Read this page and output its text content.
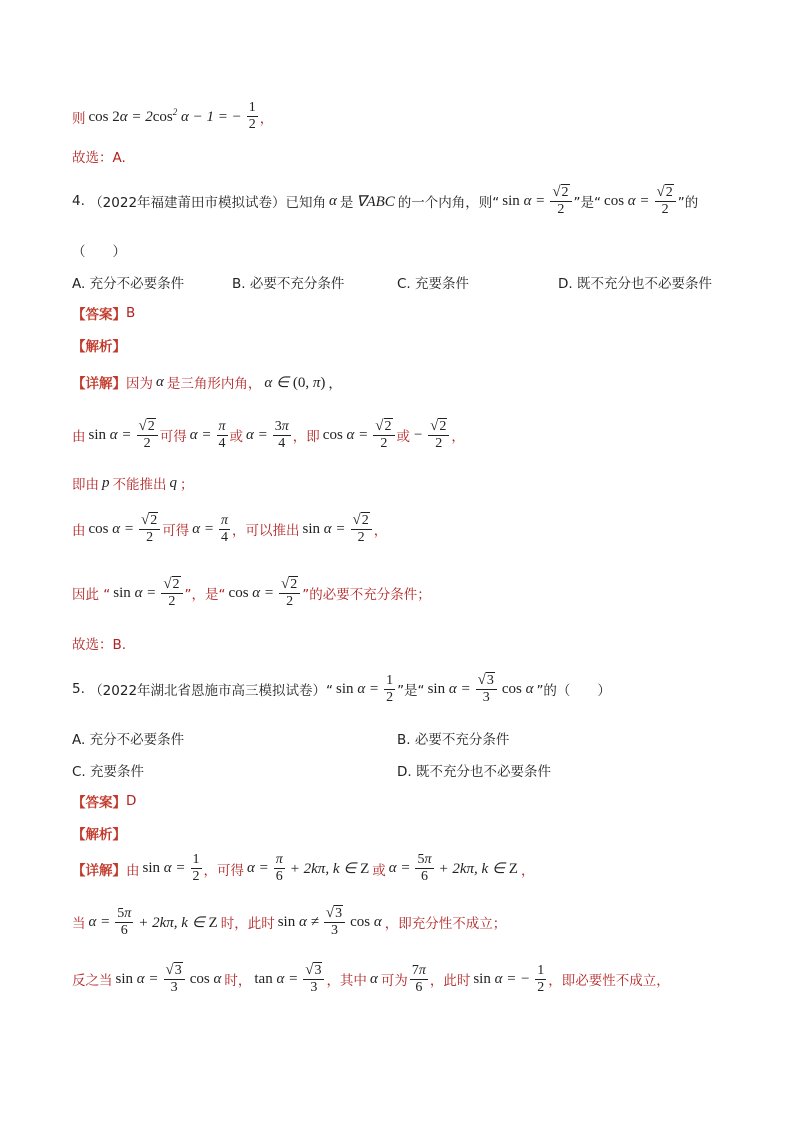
则 $\cos 2\alpha = 2\cos^2$ α − 1 = − $\frac{1}{2}$ ，
故选：A.
4.
（2022年福建莆田市模拟试卷）已知角 α 是 ∇ABC 的一个内角，则“ $\sin \alpha = \frac{√ 2}{2}$ ”是“ $\cos \alpha = \frac{√ 2}{2}$ ”的
（　　）
A. 充分不必要条件	B. 必要不充分条件	C. 充要条件	D. 既不充分也不必要条件
【答案】 B
【解析】
【详解】 因为 α 是三角形内角， α ∈ (0, π) ，
由 $\sin \alpha = \frac{√ 2}{2}$ 可得 $\alpha = \frac{\pi}{4}$ 或 $\alpha = \frac{3\pi}{4}$ ，即 $\cos \alpha = \frac{√ 2}{2}$ 或 − $\frac{√ 2}{2}$ ，
即由 p 不能推出 q ；
由 $\cos \alpha = \frac{√ 2}{2}$ 可得 $\alpha = \frac{\pi}{4}$ ，可以推出 $\sin \alpha = \frac{√ 2}{2}$ ，
因此 “ $\sin \alpha = \frac{√ 2}{2}$ ”，是“ $\cos \alpha = \frac{√ 2}{2}$ ”的必要不充分条件；
故选：B.
5.
（2022年湖北省恩施市高三模拟试卷）“ $\sin \alpha = \frac{1}{2}$ ”是“ $\sin \alpha = \frac{√ 3}{3}$ cos α ”的（　　）
A. 充分不必要条件	B. 必要不充分条件
C. 充要条件	D. 既不充分也不必要条件
【答案】 D
【解析】
【详解】 由 $\sin \alpha = \frac{1}{2}$ ，可得 $\alpha = \frac{\pi}{6} + 2k\pi$, k ∈ Z 或 $\alpha = \frac{5\pi}{6} + 2k\pi$, k ∈ Z ，
当 $\alpha = \frac{5\pi}{6} + 2k\pi$, k ∈ Z 时，此时 $\sin \alpha \ne \frac{√ 3}{3}$ cos α ，即充分性不成立；
反之当 $\sin \alpha = \frac{√ 3}{3}$ cos α 时， $\tan \alpha = \frac{√ 3}{3}$ ，其中 α 可为 $\frac{7\pi}{6}$ ，此时 sin α = − $\frac{1}{2}$ ，即必要性不成立，
